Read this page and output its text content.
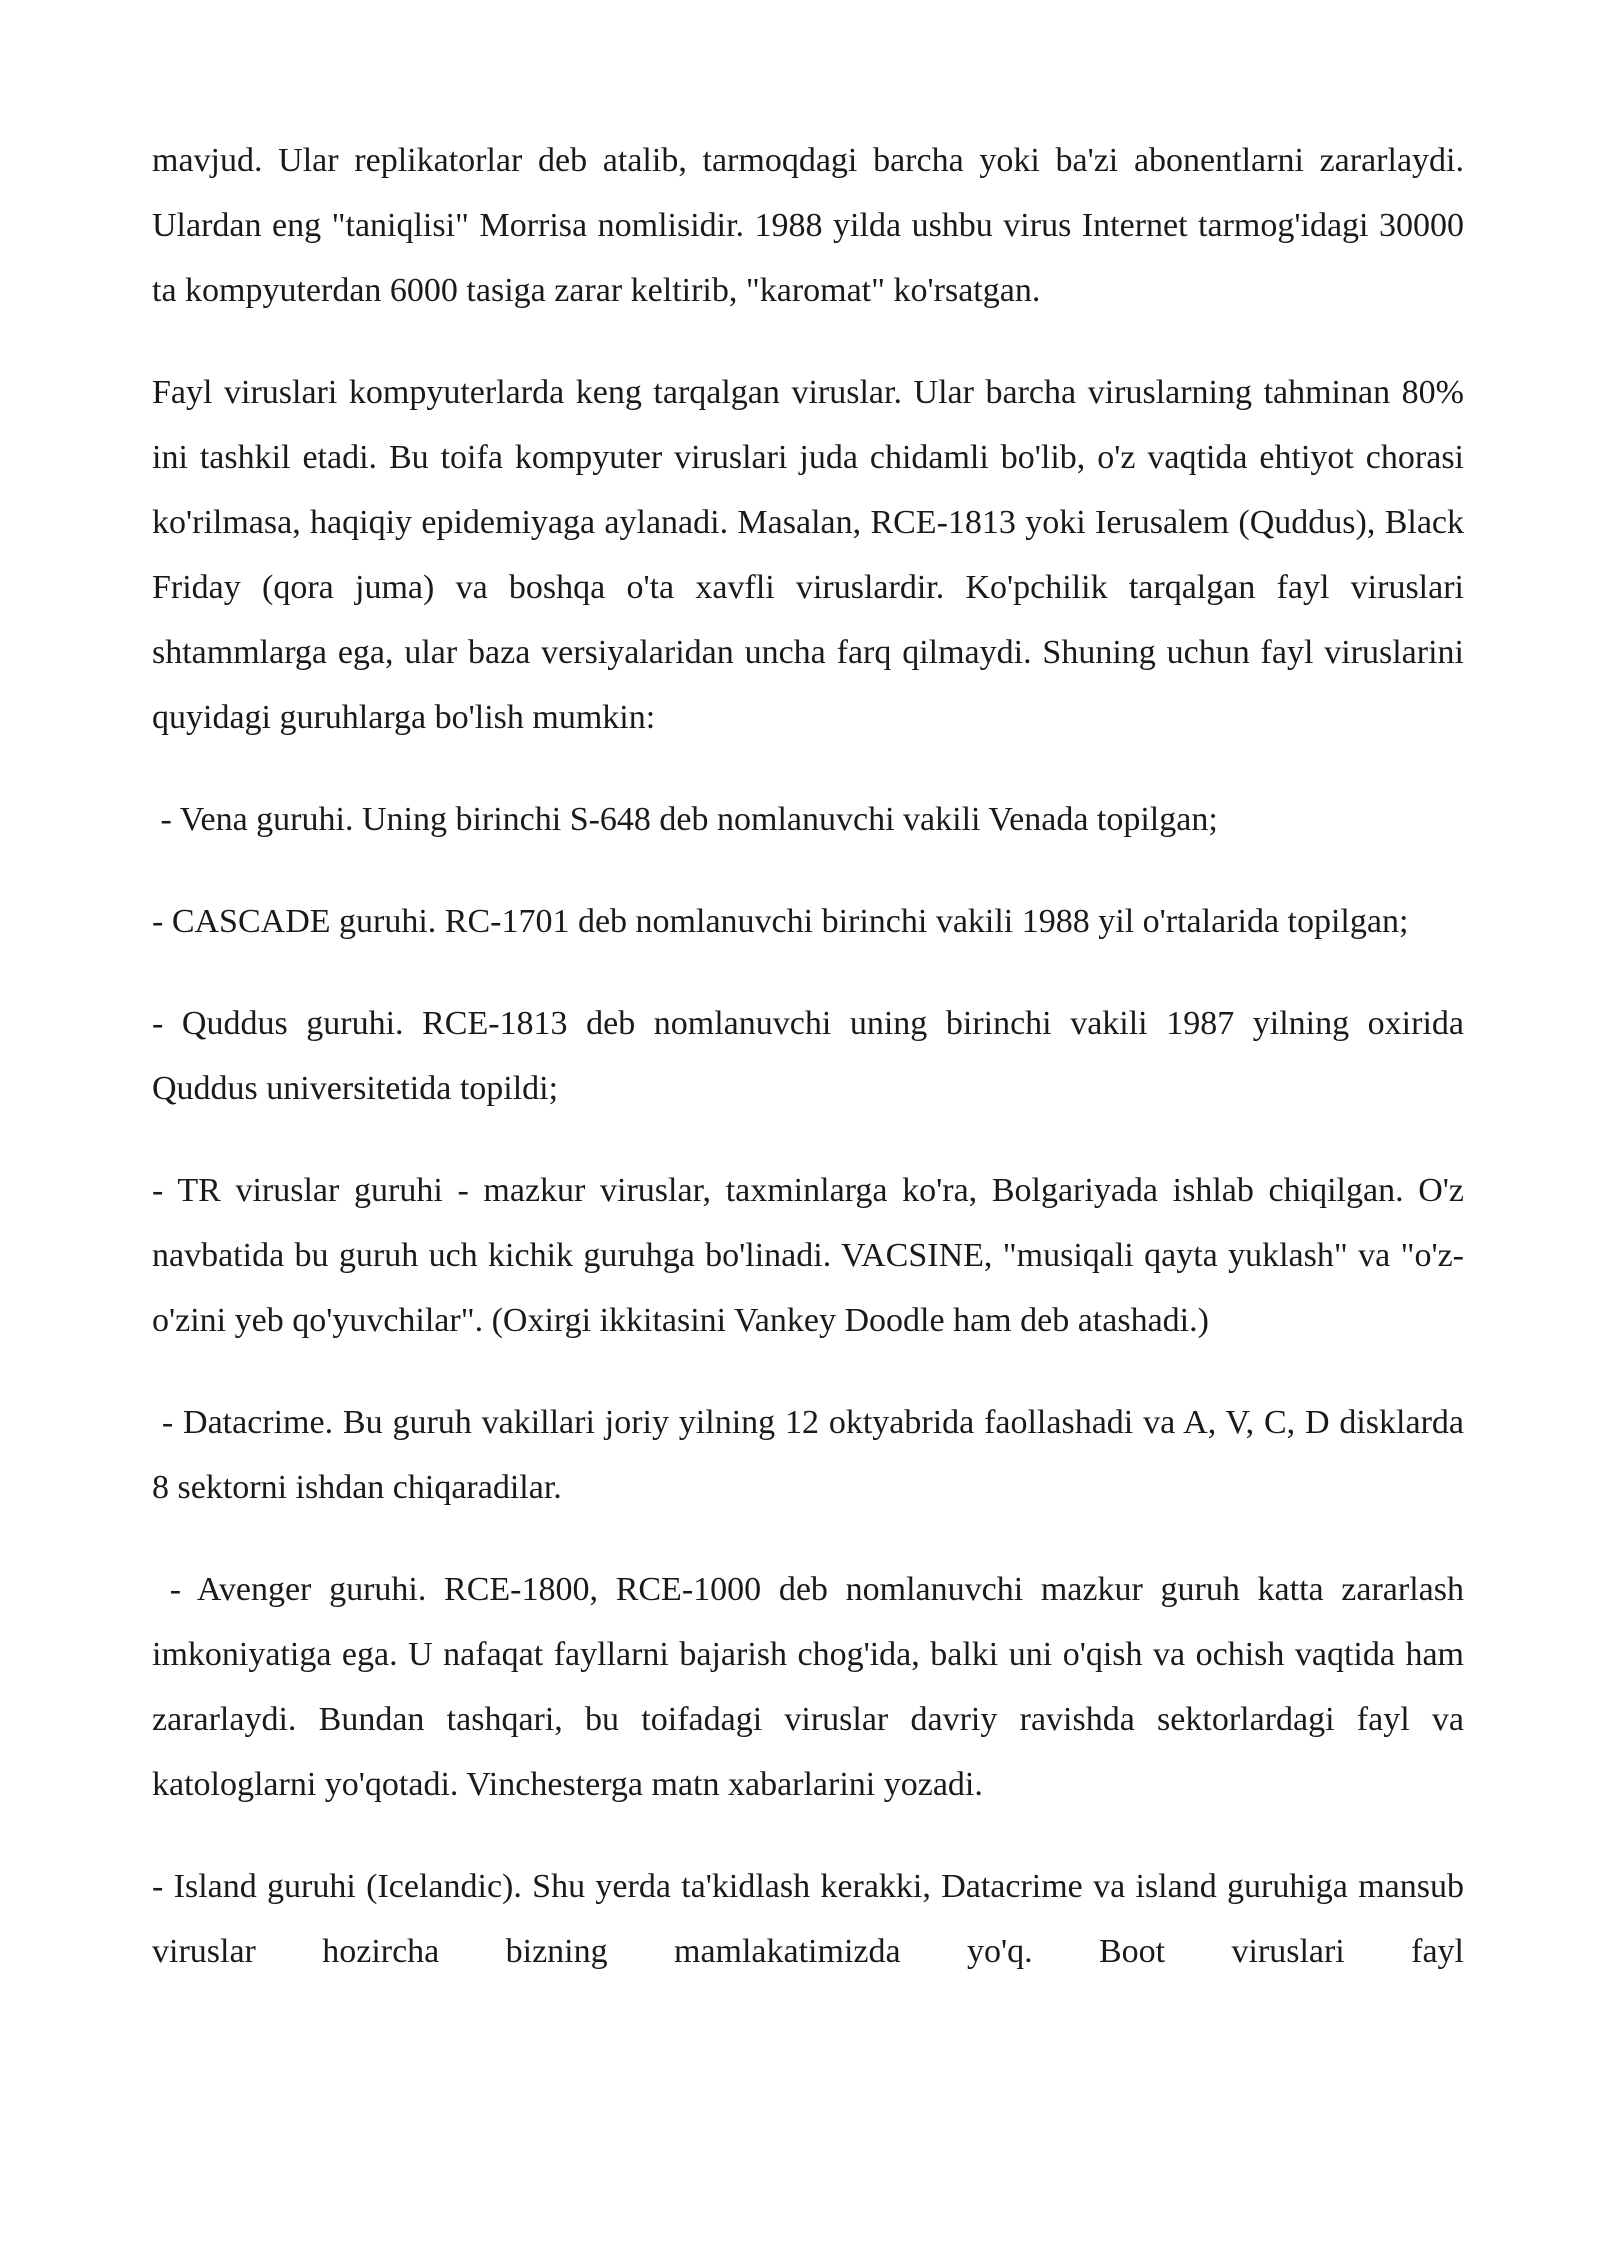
mavjud. Ular replikatorlar deb atalib, tarmoqdagi barcha yoki ba'zi abonentlarni zararlaydi. Ulardan eng "taniqlisi" Morrisa nomlisidir. 1988 yilda ushbu virus Internet tarmog'idagi 30000 ta kompyuterdan 6000 tasiga zarar keltirib, "karomat" ko'rsatgan.

Fayl viruslari kompyuterlarda keng tarqalgan viruslar. Ular barcha viruslarning tahminan 80% ini tashkil etadi. Bu toifa kompyuter viruslari juda chidamli bo'lib, o'z vaqtida ehtiyot chorasi ko'rilmasa, haqiqiy epidemiyaga aylanadi. Masalan, RCE-1813 yoki Ierusalem (Quddus), Black Friday (qora juma) va boshqa o'ta xavfli viruslardir. Ko'pchilik tarqalgan fayl viruslari shtammlarga ega, ular baza versiyalaridan uncha farq qilmaydi. Shuning uchun fayl viruslarini quyidagi guruhlarga bo'lish mumkin:

- Vena guruhi. Uning birinchi S-648 deb nomlanuvchi vakili Venada topilgan;

- CASCADE guruhi. RC-1701 deb nomlanuvchi birinchi vakili 1988 yil o'rtalarida topilgan;

- Quddus guruhi. RCE-1813 deb nomlanuvchi uning birinchi vakili 1987 yilning oxirida Quddus universitetida topildi;

- TR viruslar guruhi - mazkur viruslar, taxminlarga ko'ra, Bolgariyada ishlab chiqilgan. O'z navbatida bu guruh uch kichik guruhga bo'linadi. VACSINE, "musiqali qayta yuklash" va "o'z-o'zini yeb qo'yuvchilar". (Oxirgi ikkitasini Vankey Doodle ham deb atashadi.)

- Datacrime. Bu guruh vakillari joriy yilning 12 oktyabrida faollashadi va A, V, C, D disklarda 8 sektorni ishdan chiqaradilar.

- Avenger guruhi. RCE-1800, RCE-1000 deb nomlanuvchi mazkur guruh katta zararlash imkoniyatiga ega. U nafaqat fayllarni bajarish chog'ida, balki uni o'qish va ochish vaqtida ham zararlaydi. Bundan tashqari, bu toifadagi viruslar davriy ravishda sektorlardagi fayl va katologlarni yo'qotadi. Vinchesterga matn xabarlarini yozadi.

- Island guruhi (Icelandic). Shu yerda ta'kidlash kerakki, Datacrime va island guruhiga mansub viruslar hozircha bizning mamlakatimizda yo'q. Boot viruslari fayl
